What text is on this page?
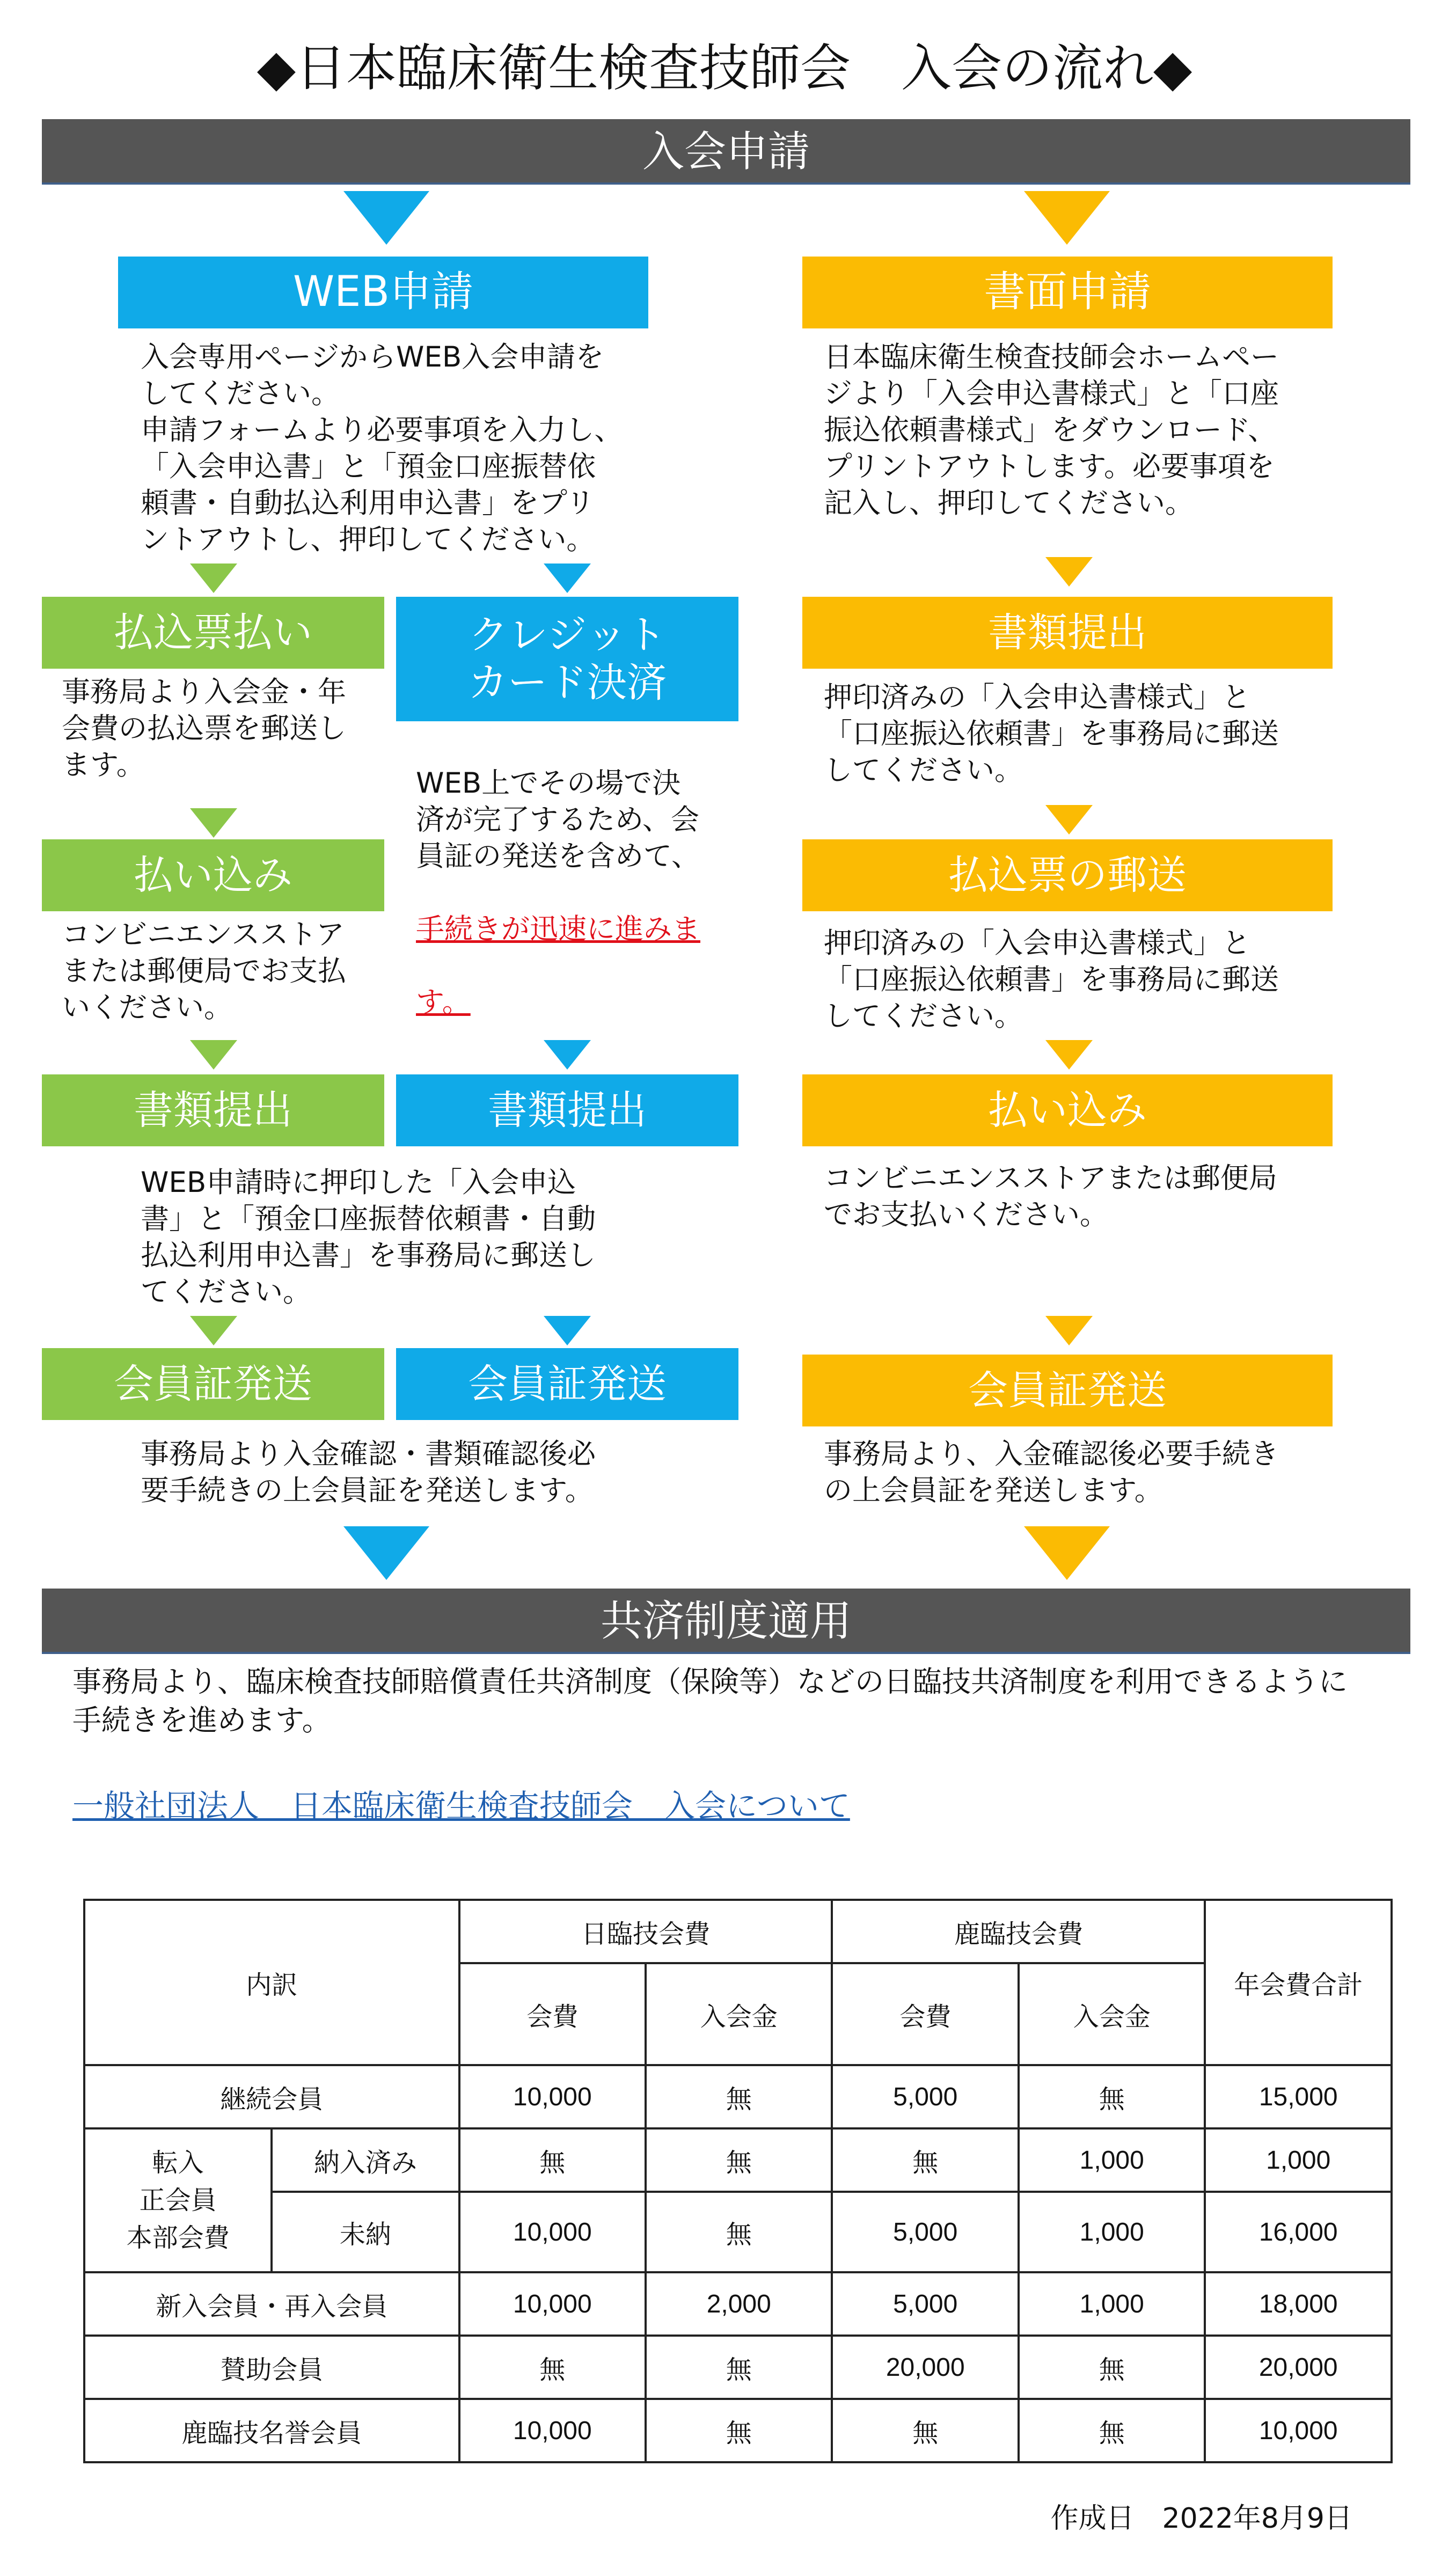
◆日本臨床衛生検査技師会　入会の流れ◆
入会申請
WEB申請
入会専用ページからWEB入会申請を
してください。
申請フォームより必要事項を入力し、
「入会申込書」と「預金口座振替依
頼書・自動払込利用申込書」をプリ
ントアウトし、押印してください。
書面申請
日本臨床衛生検査技師会ホームペー
ジより「入会申込書様式」と「口座
振込依頼書様式」をダウンロード、
プリントアウトします。必要事項を
記入し、押印してください。
払込票払い
事務局より入会金・年
会費の払込票を郵送し
ます。
クレジット
カード決済

WEB上でその場で決
済が完了するため、会
員証の発送を含めて、

手続きが迅速に進みま

す。

書類提出
押印済みの「入会申込書様式」と
「口座振込依頼書」を事務局に郵送
してください。
払い込み
コンビニエンスストア
または郵便局でお支払
いください。
払込票の郵送
押印済みの「入会申込書様式」と
「口座振込依頼書」を事務局に郵送
してください。
書類提出	書類提出
WEB申請時に押印した「入会申込
書」と「預金口座振替依頼書・自動
払込利用申込書」を事務局に郵送し
てください。
払い込み
コンビニエンスストアまたは郵便局
でお支払いください。
会員証発送	会員証発送
事務局より入金確認・書類確認後必
要手続きの上会員証を発送します。
会員証発送
事務局より、入金確認後必要手続き
の上会員証を発送します。
共済制度適用
事務局より、臨床検査技師賠償責任共済制度（保険等）などの日臨技共済制度を利用できるように
手続きを進めます。
一般社団法人　日本臨床衛生検査技師会　入会について
内訳		日臨技会費		鹿臨技会費		年会費合計
		会費	入会金	会費	入会金	
継続会員		10,000	無	5,000	無	15,000
転入
正会員
本部会費	納入済み	無	無	無	1,000	1,000
	未納	10,000	無	5,000	1,000	16,000
新入会員・再入会員		10,000	2,000	5,000	1,000	18,000
賛助会員		無	無	20,000	無	20,000
鹿臨技名誉会員		10,000	無	無	無	10,000
作成日　2022年8月9日
